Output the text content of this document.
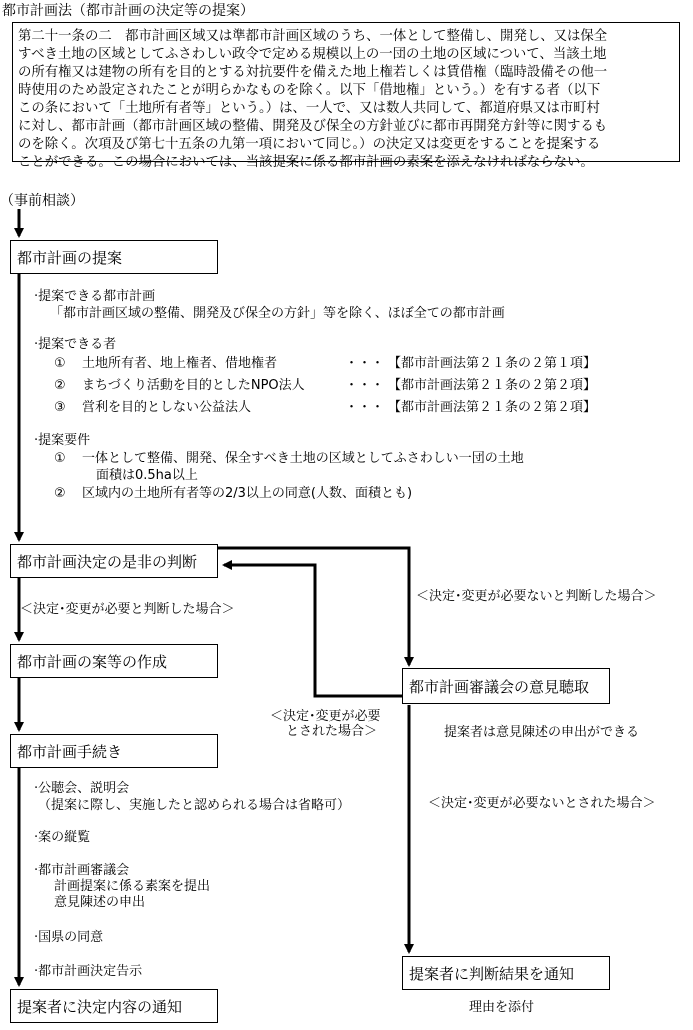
都市計画法（都市計画の決定等の提案）
第二十一条の二　都市計画区域又は準都市計画区域のうち、一体として整備し、開発し、又は保全
すべき土地の区域としてふさわしい政令で定める規模以上の一団の土地の区域について、当該土地
の所有権又は建物の所有を目的とする対抗要件を備えた地上権若しくは賃借権（臨時設備その他一
時使用のため設定されたことが明らかなものを除く。以下「借地権」という。）を有する者（以下
この条において「土地所有者等」という。）は、一人で、又は数人共同して、都道府県又は市町村
に対し、都市計画（都市計画区域の整備、開発及び保全の方針並びに都市再開発方針等に関するも
のを除く。次項及び第七十五条の九第一項において同じ。）の決定又は変更をすることを提案する
ことができる。この場合においては、当該提案に係る都市計画の素案を添えなければならない。
（事前相談）
都市計画の提案
·提案できる都市計画
「都市計画区域の整備、開発及び保全の方針」等を除く、ほぼ全ての都市計画
·提案できる者
① 土地所有者、地上権者、借地権者	・・・ 【都市計画法第２１条の２第１項】
② まちづくり活動を目的としたNPO法人	・・・ 【都市計画法第２１条の２第２項】
③ 営利を目的としない公益法人	・・・ 【都市計画法第２１条の２第２項】
·提案要件
① 一体として整備、開発、保全すべき土地の区域としてふさわしい一団の土地
面積は0.5ha以上
② 区域内の土地所有者等の2/3以上の同意(人数、面積とも)
都市計画決定の是非の判断
＜決定･変更が必要と判断した場合＞
＜決定･変更が必要ないと判断した場合＞
都市計画の案等の作成
都市計画審議会の意見聴取
＜決定･変更が必要
とされた場合＞	提案者は意見陳述の申出ができる
都市計画手続き
＜決定･変更が必要ないとされた場合＞
·公聴会、説明会
（提案に際し、実施したと認められる場合は省略可）
·案の縦覧
·都市計画審議会
計画提案に係る素案を提出
意見陳述の申出
·国県の同意
·都市計画決定告示
提案者に決定内容の通知
提案者に判断結果を通知
理由を添付
